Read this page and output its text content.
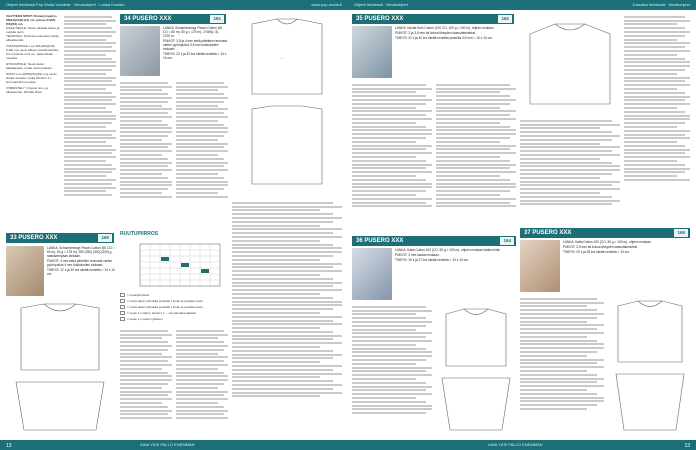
Ohjeet lehdessä Pop Moda Vuodelle · Neuleohjeet · Lanka Koukku	www.pop-moda.fi

VAATTEEN MITAT: Rinnanympärys 88(94)(104)(114) cm, pituus 54(55)(56)(58) cm.

SILEÄ NEULE: Neulo oikealla oikein ja nurjalla nurin.

TEKNIIKKA: Pyöreä neulomaton paitsi alhaalla päin.

TAKAKAPPALE: Luo 101(109)(119)(129) s ja neulo alkaen joustinneuletta. Kun neulottu on 5 cm, jatka sileää neuletta.

ETUKAPPALE: Neulo kuten takakappale, mutta neulo pääntie.

HIHAT: Luo 48(50)(52)(54) s ja neulo sileää neuletta. Lisää hihoihin 1 s kummaankin reunaan.

VIIMEISTELY: Ompele sivu- ja hihasaumat. Kiinnitä hihat.

34 PUSERO XXX	161

LANKA: Schachenmayr Peach Cotton (60 CO = 60 m), 50 g = 175 m), 2 NW(2, 5), 1700 m.

PUIKOT: 3,5 ja 4 mm sekä pääntien reunusta varten pyöröpuikot 3,5 mm kukkuloiden mukaan.

TIHEYS: 22 s ja 32 krs sileää neuletta = 10 x 10 cm.	—
33 PUSERO XXX	160

LANKA: Schachenmayr Peach Cotton (60 CO = 60 m), 50 g = 175 m), 250 (250) (300) (300) g raskavampaan lankaan.

PUIKOT: 4 mm sekä pääntien reunusta varten pyöröpuikot 4 mm kukkuloiden mukaan.

TIHEYS: 17 s ja 30 krs sileää neuletta = 10 x 10 cm.

RUUTUPIIRROS
= neulepiirrokset
= nosta oikein silmukka puoliväli s ilman ja puolella neulo
= nosta oikein silmukka puoliväli s ilman ja puolella neulo
= neulo 1 s oikein, kierrä 1 s ... ota silmukka takaisin
= neulo 1 s puikon ylitseen
AINA YKSI PALLO ENEMMÄN
13
Ohjeet lehdessä · Neuleohjeet	Jossakin lehdessä · Neuleohjeet
35 PUSERO XXX	162

LANKA: Novita Kelo Cotton (100 CO, 100 g = 240 m), ohjeen mukaan.

PUIKOT: 3 ja 3,5 mm tai kokoa tiheyden saavuttamiseksi.

TIHEYS: 22 s ja 30 krs sileää neuletta puikoilla 3,5 mm = 10 x 10 cm.

37 PUSERO XXX	165

LANKA: Katia Cotton 100 (CO, 50 g = 100 m), ohjeen mukaan.

PUIKOT: 3,5 mm tai kokoa tiheyden saavuttamiseksi.

TIHEYS: 20 s ja 28 krs sileää neuletta = 10 cm.

36 PUSERO XXX	164

LANKA: Katia Cotton 100 (CO, 50 g = 100 m), ohjeen mukaan kaikki mitat.

PUIKOT: 3 mm kaulan mukaan.

TIHEYS: 19 s ja 27 krs sileää neuletta = 10 x 10 cm.

AINA YKSI PALLO ENEMMÄN	13
